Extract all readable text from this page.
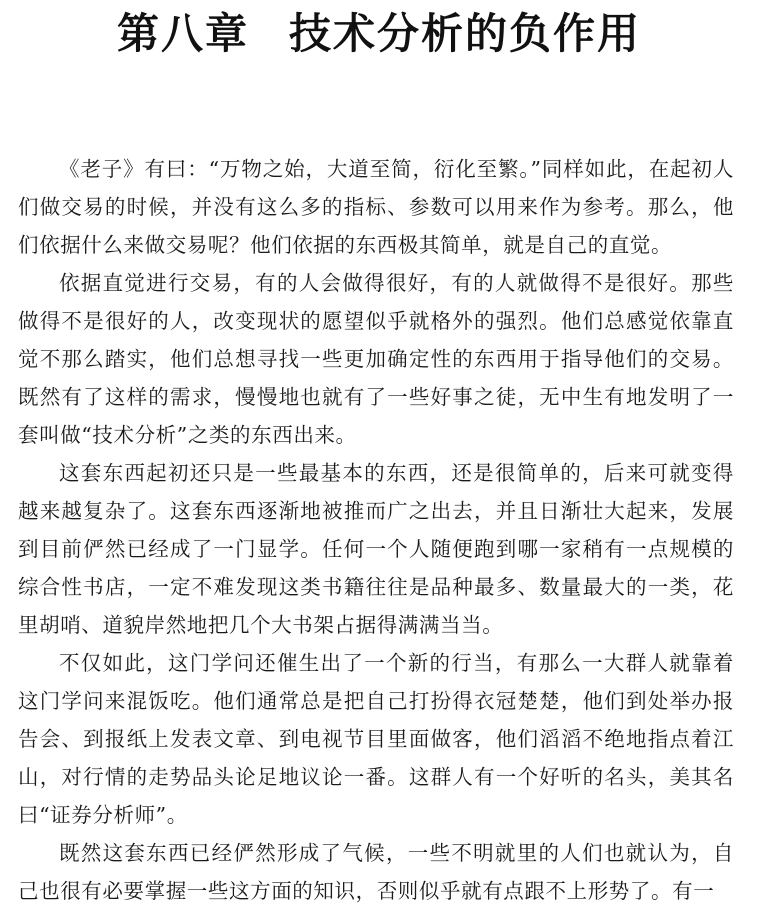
第八章 技术分析的负作用

《老子》有曰：“万物之始，大道至简，衍化至繁。”同样如此，在起初人们做交易的时候，并没有这么多的指标、参数可以用来作为参考。那么，他们依据什么来做交易呢？他们依据的东西极其简单，就是自己的直觉。

依据直觉进行交易，有的人会做得很好，有的人就做得不是很好。那些做得不是很好的人，改变现状的愿望似乎就格外的强烈。他们总感觉依靠直觉不那么踏实，他们总想寻找一些更加确定性的东西用于指导他们的交易。既然有了这样的需求，慢慢地也就有了一些好事之徒，无中生有地发明了一套叫做“技术分析”之类的东西出来。

这套东西起初还只是一些最基本的东西，还是很简单的，后来可就变得越来越复杂了。这套东西逐渐地被推而广之出去，并且日渐壮大起来，发展到目前俨然已经成了一门显学。任何一个人随便跑到哪一家稍有一点规模的综合性书店，一定不难发现这类书籍往往是品种最多、数量最大的一类，花里胡哨、道貌岸然地把几个大书架占据得满满当当。

不仅如此，这门学问还催生出了一个新的行当，有那么一大群人就靠着这门学问来混饭吃。他们通常总是把自己打扮得衣冠楚楚，他们到处举办报告会、到报纸上发表文章、到电视节目里面做客，他们滔滔不绝地指点着江山，对行情的走势品头论足地议论一番。这群人有一个好听的名头，美其名曰“证券分析师”。

既然这套东西已经俨然形成了气候，一些不明就里的人们也就认为，自己也很有必要掌握一些这方面的知识，否则似乎就有点跟不上形势了。有一
